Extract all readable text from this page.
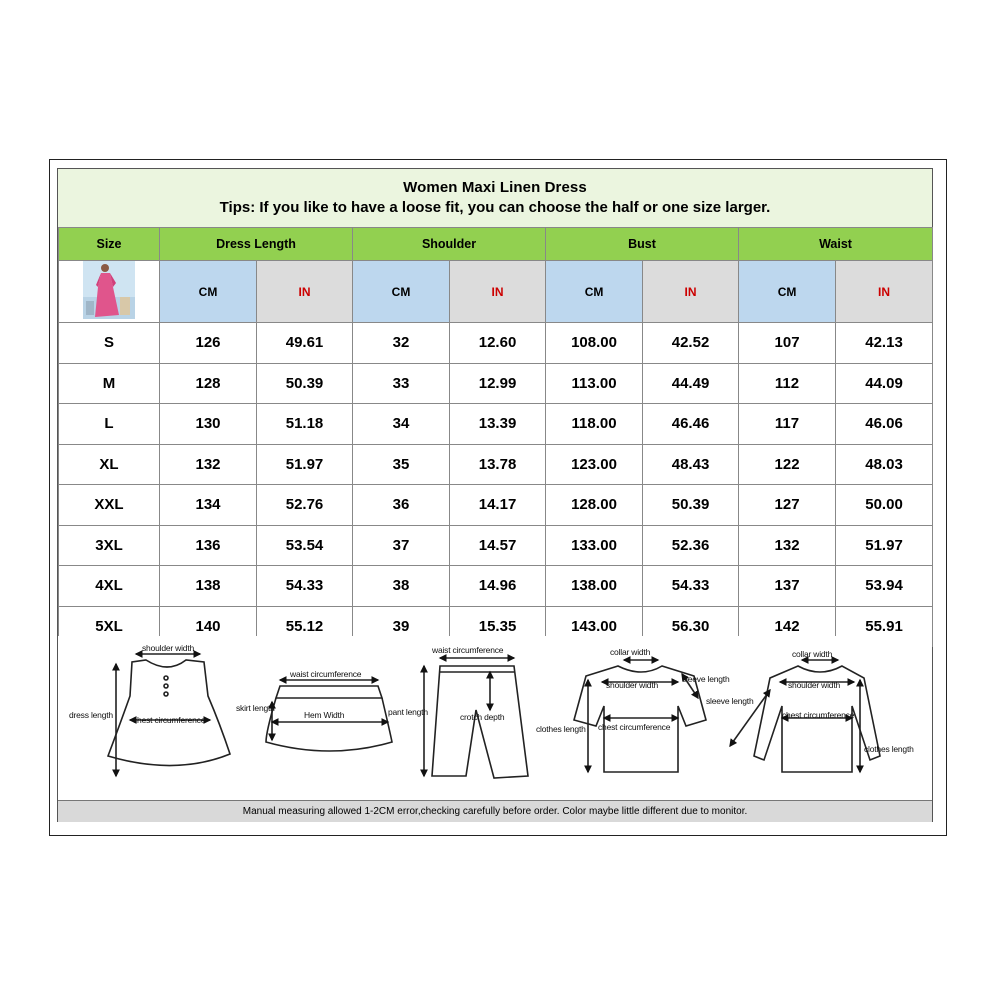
Women Maxi Linen Dress
Tips: If you like to have a loose fit, you can choose the half or one size larger.
Size	Dress Length		Shoulder		Bust		Waist	
	CM	IN	CM	IN	CM	IN	CM	IN
S	126	49.61	32	12.60	108.00	42.52	107	42.13
M	128	50.39	33	12.99	113.00	44.49	112	44.09
L	130	51.18	34	13.39	118.00	46.46	117	46.06
XL	132	51.97	35	13.78	123.00	48.43	122	48.03
XXL	134	52.76	36	14.17	128.00	50.39	127	50.00
3XL	136	53.54	37	14.57	133.00	52.36	132	51.97
4XL	138	54.33	38	14.96	138.00	54.33	137	53.94
5XL	140	55.12	39	15.35	143.00	56.30	142	55.91
shoulder width
dress length chest circumference
waist circumference
skirt length
Hem Width
waist circumference
pant length	crotch depth
collar width
shoulder width
sleeve length
chest circumference
clothes length
collar width
shoulder width
sleeve length
chest circumference
clothes length
Manual measuring allowed 1-2CM error,checking carefully before order. Color maybe little different due to monitor.
